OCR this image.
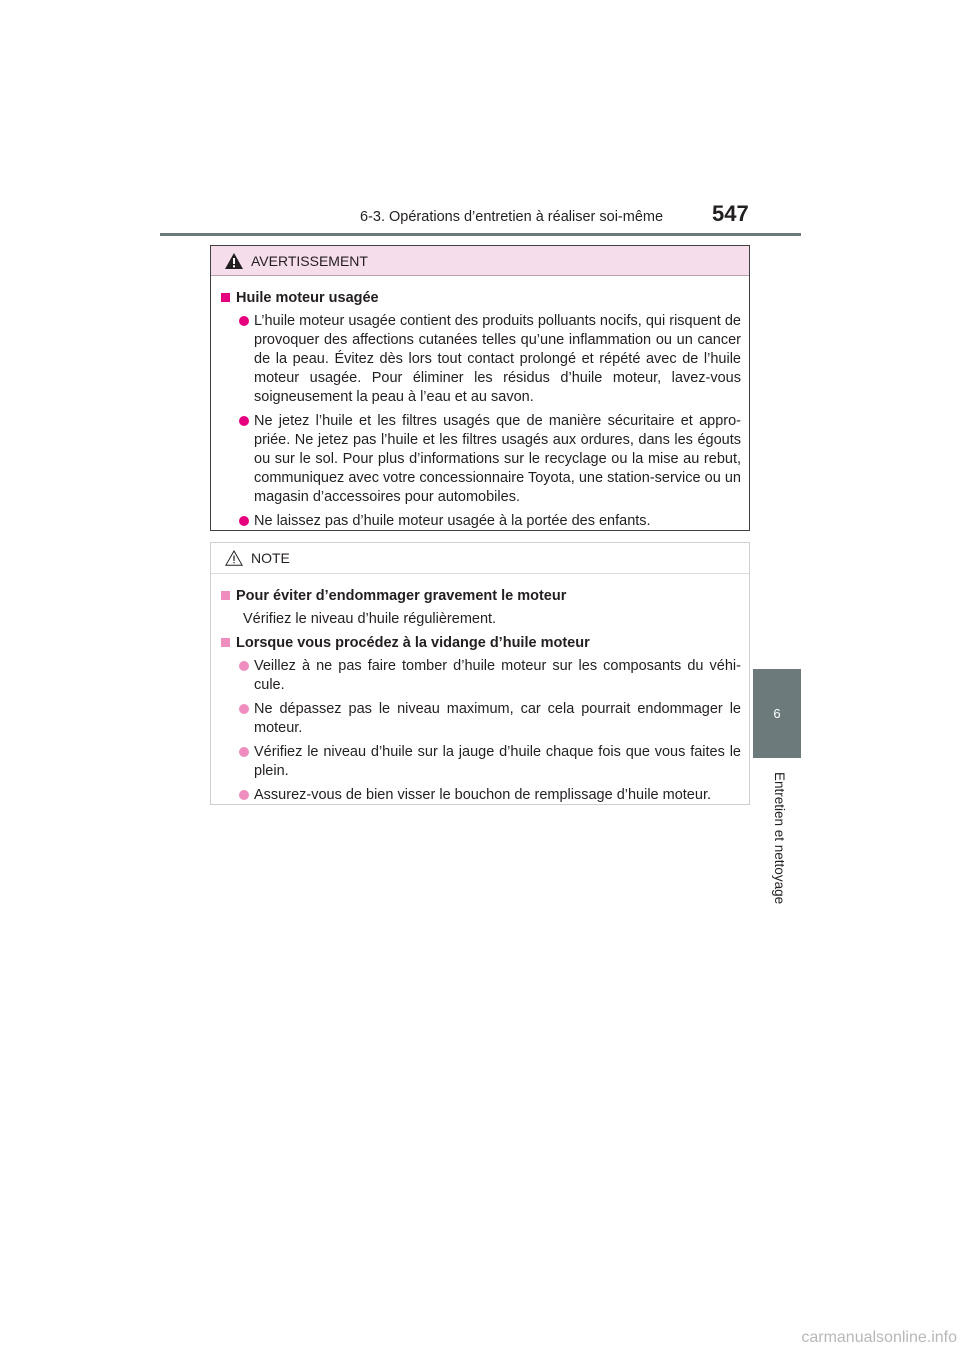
6-3. Opérations d’entretien à réaliser soi-même	547
6
Entretien et nettoyage
AVERTISSEMENT
Huile moteur usagée
L’huile moteur usagée contient des produits polluants nocifs, qui risquent de provoquer des affections cutanées telles qu’une inflammation ou un cancer de la peau. Évitez dès lors tout contact prolongé et répété avec de l’huile moteur usagée. Pour éliminer les résidus d’huile moteur, lavez-vous soigneusement la peau à l’eau et au savon.
Ne jetez l’huile et les filtres usagés que de manière sécuritaire et appro-priée. Ne jetez pas l’huile et les filtres usagés aux ordures, dans les égouts ou sur le sol. Pour plus d’informations sur le recyclage ou la mise au rebut, communiquez avec votre concessionnaire Toyota, une station-service ou un magasin d’accessoires pour automobiles.
Ne laissez pas d’huile moteur usagée à la portée des enfants.
NOTE
Pour éviter d’endommager gravement le moteur
Vérifiez le niveau d’huile régulièrement.
Lorsque vous procédez à la vidange d’huile moteur
Veillez à ne pas faire tomber d’huile moteur sur les composants du véhi-cule.
Ne dépassez pas le niveau maximum, car cela pourrait endommager le moteur.
Vérifiez le niveau d’huile sur la jauge d’huile chaque fois que vous faites le plein.
Assurez-vous de bien visser le bouchon de remplissage d’huile moteur.
carmanualsonline.info
